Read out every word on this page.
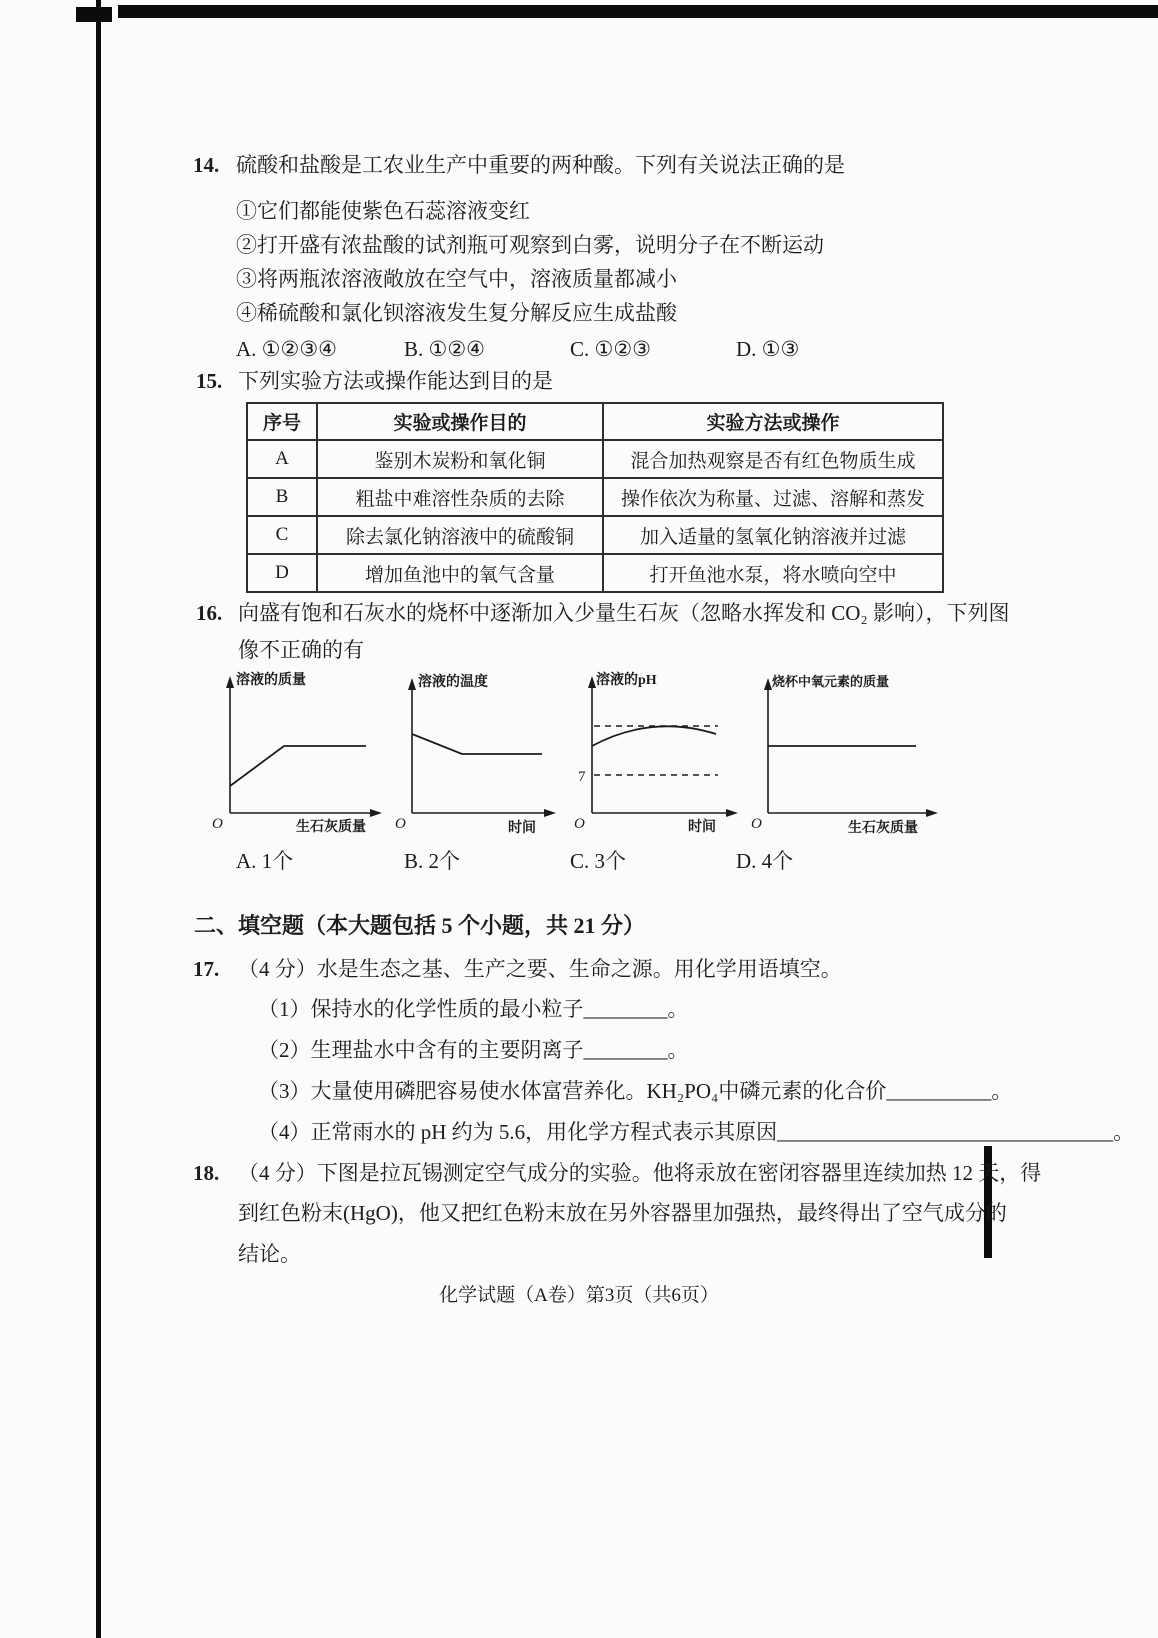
14. 硫酸和盐酸是工农业生产中重要的两种酸。下列有关说法正确的是
①它们都能使紫色石蕊溶液变红
②打开盛有浓盐酸的试剂瓶可观察到白雾，说明分子在不断运动
③将两瓶浓溶液敞放在空气中，溶液质量都减小
④稀硫酸和氯化钡溶液发生复分解反应生成盐酸
A. ①②③④	B. ①②④	C. ①②③	D. ①③
15. 下列实验方法或操作能达到目的是
序号	实验或操作目的	实验方法或操作
A	鉴别木炭粉和氧化铜	混合加热观察是否有红色物质生成
B	粗盐中难溶性杂质的去除	操作依次为称量、过滤、溶解和蒸发
C	除去氯化钠溶液中的硫酸铜	加入适量的氢氧化钠溶液并过滤
D	增加鱼池中的氧气含量	打开鱼池水泵，将水喷向空中
16. 向盛有饱和石灰水的烧杯中逐渐加入少量生石灰（忽略水挥发和 CO₂ 影响），下列图
像不正确的有
溶液的质量
O	生石灰质量
溶液的温度
O	时间
溶液的pH
7
O	时间
烧杯中氧元素的质量
O	生石灰质量
A. 1个	B. 2个	C. 3个	D. 4个
二、填空题（本大题包括 5 个小题，共 21 分）
17. （4 分）水是生态之基、生产之要、生命之源。用化学用语填空。
（1）保持水的化学性质的最小粒子________。
（2）生理盐水中含有的主要阴离子________。
（3）大量使用磷肥容易使水体富营养化。KH₂PO₄中磷元素的化合价__________。
（4）正常雨水的 pH 约为 5.6，用化学方程式表示其原因________________________________。
18. （4 分）下图是拉瓦锡测定空气成分的实验。他将汞放在密闭容器里连续加热 12 天，得
到红色粉末(HgO)，他又把红色粉末放在另外容器里加强热，最终得出了空气成分的
结论。
化学试题（A卷）第3页（共6页）
